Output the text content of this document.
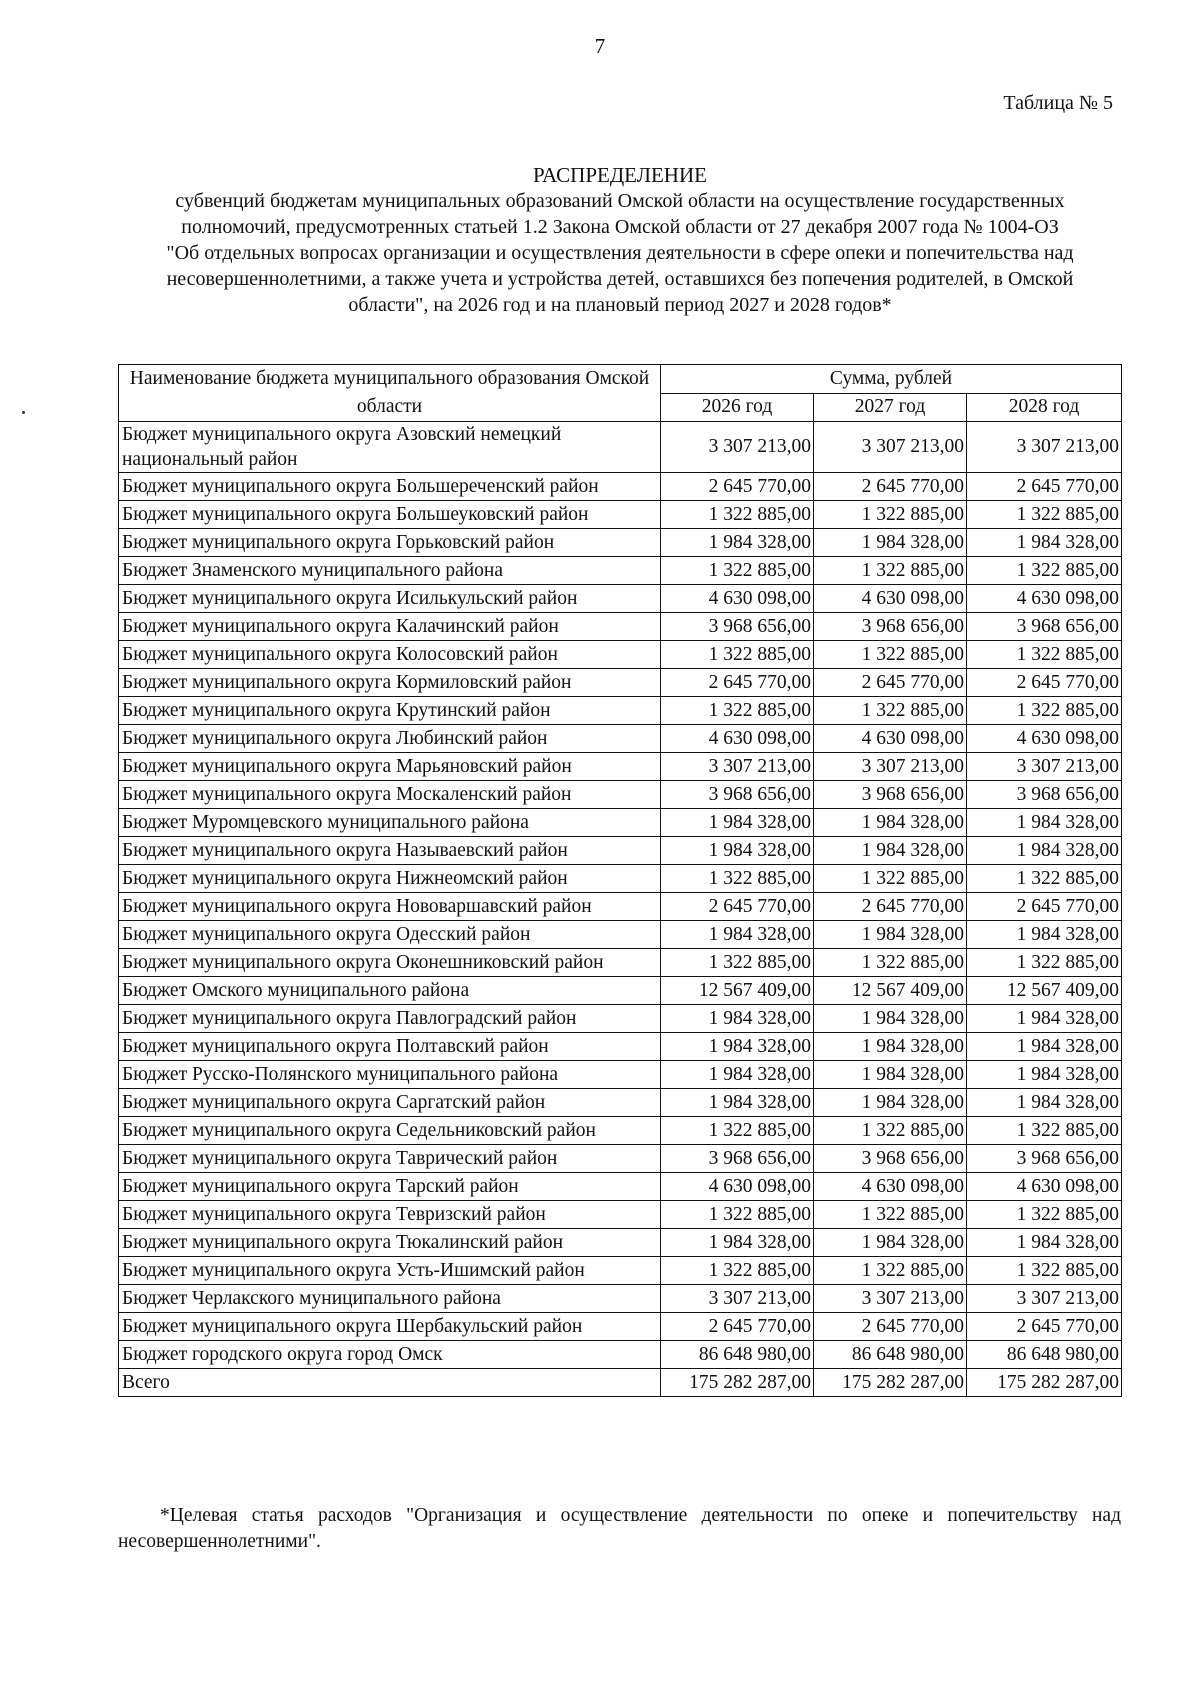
7
Таблица № 5
РАСПРЕДЕЛЕНИЕ
субвенций бюджетам муниципальных образований Омской области на осуществление государственных
полномочий, предусмотренных статьей 1.2 Закона Омской области от 27 декабря 2007 года № 1004-ОЗ
"Об отдельных вопросах организации и осуществления деятельности в сфере опеки и попечительства над
несовершеннолетними, а также учета и устройства детей, оставшихся без попечения родителей, в Омской
области", на 2026 год и на плановый период 2027 и 2028 годов*
Наименование бюджета муниципального образования Омской области	Сумма, рублей		
	2026 год	2027 год	2028 год
Бюджет муниципального округа Азовский немецкий национальный район	3 307 213,00	3 307 213,00	3 307 213,00
Бюджет муниципального округа Большереченский район	2 645 770,00	2 645 770,00	2 645 770,00
Бюджет муниципального округа Большеуковский район	1 322 885,00	1 322 885,00	1 322 885,00
Бюджет муниципального округа Горьковский район	1 984 328,00	1 984 328,00	1 984 328,00
Бюджет Знаменского муниципального района	1 322 885,00	1 322 885,00	1 322 885,00
Бюджет муниципального округа Исилькульский район	4 630 098,00	4 630 098,00	4 630 098,00
Бюджет муниципального округа Калачинский район	3 968 656,00	3 968 656,00	3 968 656,00
Бюджет муниципального округа Колосовский район	1 322 885,00	1 322 885,00	1 322 885,00
Бюджет муниципального округа Кормиловский район	2 645 770,00	2 645 770,00	2 645 770,00
Бюджет муниципального округа Крутинский район	1 322 885,00	1 322 885,00	1 322 885,00
Бюджет муниципального округа Любинский район	4 630 098,00	4 630 098,00	4 630 098,00
Бюджет муниципального округа Марьяновский район	3 307 213,00	3 307 213,00	3 307 213,00
Бюджет муниципального округа Москаленский район	3 968 656,00	3 968 656,00	3 968 656,00
Бюджет Муромцевского муниципального района	1 984 328,00	1 984 328,00	1 984 328,00
Бюджет муниципального округа Называевский район	1 984 328,00	1 984 328,00	1 984 328,00
Бюджет муниципального округа Нижнеомский район	1 322 885,00	1 322 885,00	1 322 885,00
Бюджет муниципального округа Нововаршавский район	2 645 770,00	2 645 770,00	2 645 770,00
Бюджет муниципального округа Одесский район	1 984 328,00	1 984 328,00	1 984 328,00
Бюджет муниципального округа Оконешниковский район	1 322 885,00	1 322 885,00	1 322 885,00
Бюджет Омского муниципального района	12 567 409,00	12 567 409,00	12 567 409,00
Бюджет муниципального округа Павлоградский район	1 984 328,00	1 984 328,00	1 984 328,00
Бюджет муниципального округа Полтавский район	1 984 328,00	1 984 328,00	1 984 328,00
Бюджет Русско-Полянского муниципального района	1 984 328,00	1 984 328,00	1 984 328,00
Бюджет муниципального округа Саргатский район	1 984 328,00	1 984 328,00	1 984 328,00
Бюджет муниципального округа Седельниковский район	1 322 885,00	1 322 885,00	1 322 885,00
Бюджет муниципального округа Таврический район	3 968 656,00	3 968 656,00	3 968 656,00
Бюджет муниципального округа Тарский район	4 630 098,00	4 630 098,00	4 630 098,00
Бюджет муниципального округа Тевризский район	1 322 885,00	1 322 885,00	1 322 885,00
Бюджет муниципального округа Тюкалинский район	1 984 328,00	1 984 328,00	1 984 328,00
Бюджет муниципального округа Усть-Ишимский район	1 322 885,00	1 322 885,00	1 322 885,00
Бюджет Черлакского муниципального района	3 307 213,00	3 307 213,00	3 307 213,00
Бюджет муниципального округа Шербакульский район	2 645 770,00	2 645 770,00	2 645 770,00
Бюджет городского округа город Омск	86 648 980,00	86 648 980,00	86 648 980,00
Всего	175 282 287,00	175 282 287,00	175 282 287,00
*Целевая статья расходов "Организация и осуществление деятельности по опеке и попечительству над несовершеннолетними".
